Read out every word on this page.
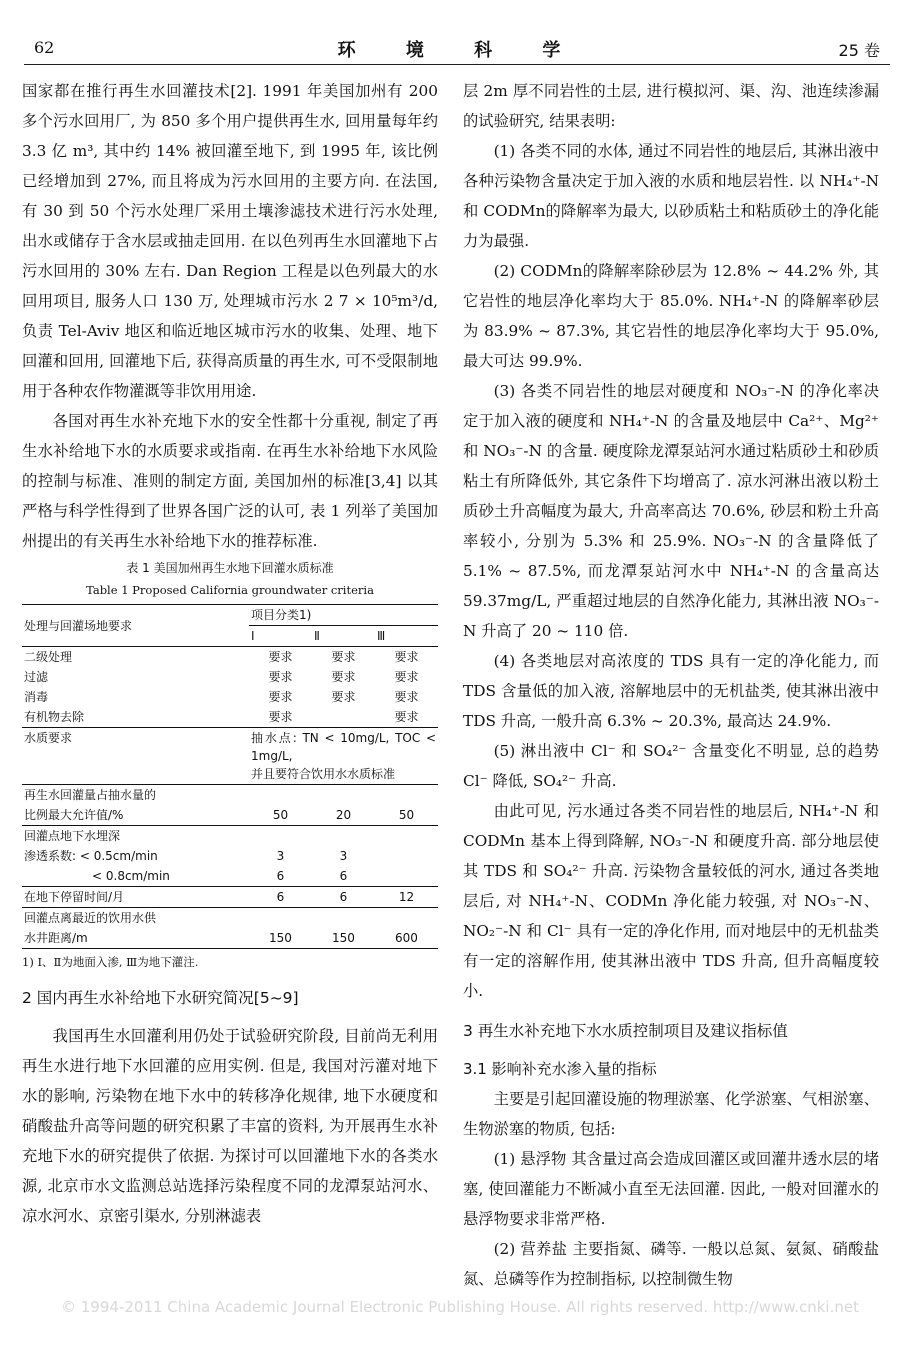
62	环 境 科 学	25 卷

国家都在推行再生水回灌技术[2]. 1991 年美国加州有 200 多个污水回用厂, 为 850 多个用户提供再生水, 回用量每年约 3.3 亿 m³, 其中约 14% 被回灌至地下, 到 1995 年, 该比例已经增加到 27%, 而且将成为污水回用的主要方向. 在法国, 有 30 到 50 个污水处理厂采用土壤渗滤技术进行污水处理, 出水或储存于含水层或抽走回用. 在以色列再生水回灌地下占污水回用的 30% 左右. Dan Region 工程是以色列最大的水回用项目, 服务人口 130 万, 处理城市污水 2 7 × 10⁵m³/d, 负责 Tel-Aviv 地区和临近地区城市污水的收集、处理、地下回灌和回用, 回灌地下后, 获得高质量的再生水, 可不受限制地用于各种农作物灌溉等非饮用用途.

各国对再生水补充地下水的安全性都十分重视, 制定了再生水补给地下水的水质要求或指南. 在再生水补给地下水风险的控制与标准、准则的制定方面, 美国加州的标准[3,4] 以其严格与科学性得到了世界各国广泛的认可, 表 1 列举了美国加州提出的有关再生水补给地下水的推荐标准.

表 1 美国加州再生水地下回灌水质标准
Table 1 Proposed California groundwater criteria
处理与回灌场地要求	项目分类1)		
	Ⅰ	Ⅱ	Ⅲ
二级处理	要求	要求	要求
过滤	要求	要求	要求
消毒	要求	要求	要求
有机物去除	要求		要求
水质要求	抽水点: TN < 10mg/L, TOC < 1mg/L,
并且要符合饮用水水质标准		

再生水回灌量占抽水量的			
比例最大允许值/%	50	20	50
回灌点地下水埋深			
渗透系数: < 0.5cm/min	3	3	
< 0.8cm/min	6	6	
在地下停留时间/月	6	6	12
回灌点离最近的饮用水供			
水井距离/m	150	150	600

1) Ⅰ、Ⅱ为地面入渗, Ⅲ为地下灌注.

2 国内再生水补给地下水研究简况[5~9]

我国再生水回灌利用仍处于试验研究阶段, 目前尚无利用再生水进行地下水回灌的应用实例. 但是, 我国对污灌对地下水的影响, 污染物在地下水中的转移净化规律, 地下水硬度和硝酸盐升高等问题的研究积累了丰富的资料, 为开展再生水补充地下水的研究提供了依据. 为探讨可以回灌地下水的各类水源, 北京市水文监测总站选择污染程度不同的龙潭泵站河水、凉水河水、京密引渠水, 分别淋滤表

层 2m 厚不同岩性的土层, 进行模拟河、渠、沟、池连续渗漏的试验研究, 结果表明:

(1) 各类不同的水体, 通过不同岩性的地层后, 其淋出液中各种污染物含量决定于加入液的水质和地层岩性. 以 NH₄⁺-N 和 CODMn的降解率为最大, 以砂质粘土和粘质砂土的净化能力为最强.

(2) CODMn的降解率除砂层为 12.8% ~ 44.2% 外, 其它岩性的地层净化率均大于 85.0%. NH₄⁺-N 的降解率砂层为 83.9% ~ 87.3%, 其它岩性的地层净化率均大于 95.0%, 最大可达 99.9%.

(3) 各类不同岩性的地层对硬度和 NO₃⁻-N 的净化率决定于加入液的硬度和 NH₄⁺-N 的含量及地层中 Ca²⁺、Mg²⁺ 和 NO₃⁻-N 的含量. 硬度除龙潭泵站河水通过粘质砂土和砂质粘土有所降低外, 其它条件下均增高了. 凉水河淋出液以粉土质砂土升高幅度为最大, 升高率高达 70.6%, 砂层和粉土升高率较小, 分别为 5.3% 和 25.9%. NO₃⁻-N 的含量降低了 5.1% ~ 87.5%, 而龙潭泵站河水中 NH₄⁺-N 的含量高达 59.37mg/L, 严重超过地层的自然净化能力, 其淋出液 NO₃⁻-N 升高了 20 ~ 110 倍.

(4) 各类地层对高浓度的 TDS 具有一定的净化能力, 而 TDS 含量低的加入液, 溶解地层中的无机盐类, 使其淋出液中 TDS 升高, 一般升高 6.3% ~ 20.3%, 最高达 24.9%.

(5) 淋出液中 Cl⁻ 和 SO₄²⁻ 含量变化不明显, 总的趋势 Cl⁻ 降低, SO₄²⁻ 升高.

由此可见, 污水通过各类不同岩性的地层后, NH₄⁺-N 和 CODMn 基本上得到降解, NO₃⁻-N 和硬度升高. 部分地层使其 TDS 和 SO₄²⁻ 升高. 污染物含量较低的河水, 通过各类地层后, 对 NH₄⁺-N、CODMn 净化能力较强, 对 NO₃⁻-N、NO₂⁻-N 和 Cl⁻ 具有一定的净化作用, 而对地层中的无机盐类有一定的溶解作用, 使其淋出液中 TDS 升高, 但升高幅度较小.

3 再生水补充地下水水质控制项目及建议指标值

3.1 影响补充水渗入量的指标

主要是引起回灌设施的物理淤塞、化学淤塞、气相淤塞、生物淤塞的物质, 包括:

(1) 悬浮物 其含量过高会造成回灌区或回灌井透水层的堵塞, 使回灌能力不断减小直至无法回灌. 因此, 一般对回灌水的悬浮物要求非常严格.

(2) 营养盐 主要指氮、磷等. 一般以总氮、氨氮、硝酸盐氮、总磷等作为控制指标, 以控制微生物

© 1994-2011 China Academic Journal Electronic Publishing House. All rights reserved. http://www.cnki.net
